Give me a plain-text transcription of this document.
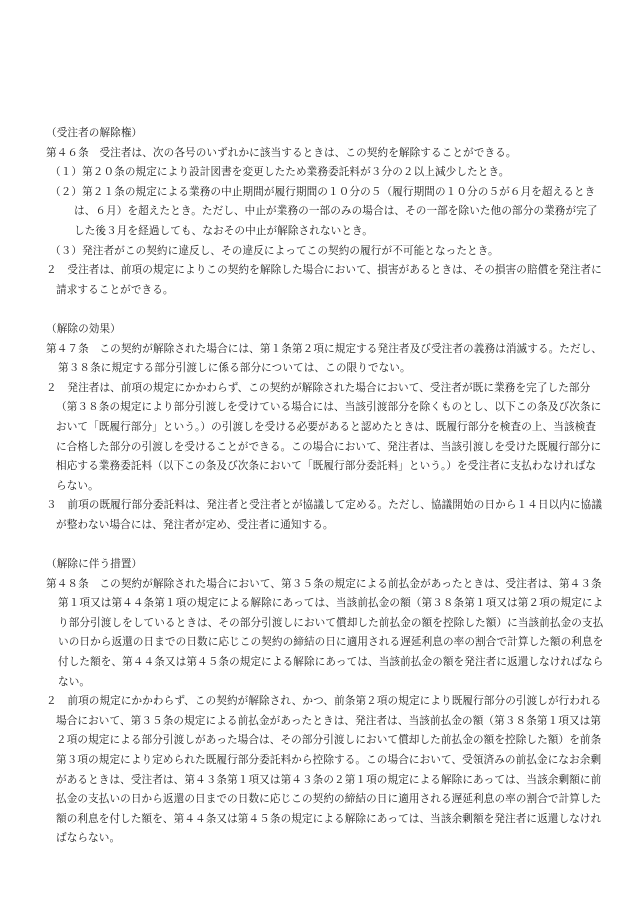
（受注者の解除権）

第４６条　受注者は、次の各号のいずれかに該当するときは、この契約を解除することができる。

（１）第２０条の規定により設計図書を変更したため業務委託料が３分の２以上減少したとき。

（２）第２１条の規定による業務の中止期間が履行期間の１０分の５（履行期間の１０分の５が６月を超えるときは、６月）を超えたとき。ただし、中止が業務の一部のみの場合は、その一部を除いた他の部分の業務が完了した後３月を経過しても、なおその中止が解除されないとき。

（３）発注者がこの契約に違反し、その違反によってこの契約の履行が不可能となったとき。

２　受注者は、前項の規定によりこの契約を解除した場合において、損害があるときは、その損害の賠償を発注者に請求することができる。

（解除の効果）

第４７条　この契約が解除された場合には、第１条第２項に規定する発注者及び受注者の義務は消滅する。ただし、第３８条に規定する部分引渡しに係る部分については、この限りでない。

２　発注者は、前項の規定にかかわらず、この契約が解除された場合において、受注者が既に業務を完了した部分（第３８条の規定により部分引渡しを受けている場合には、当該引渡部分を除くものとし、以下この条及び次条において「既履行部分」という。）の引渡しを受ける必要があると認めたときは、既履行部分を検査の上、当該検査に合格した部分の引渡しを受けることができる。この場合において、発注者は、当該引渡しを受けた既履行部分に相応する業務委託料（以下この条及び次条において「既履行部分委託料」という。）を受注者に支払わなければならない。

３　前項の既履行部分委託料は、発注者と受注者とが協議して定める。ただし、協議開始の日から１４日以内に協議が整わない場合には、発注者が定め、受注者に通知する。

（解除に伴う措置）

第４８条　この契約が解除された場合において、第３５条の規定による前払金があったときは、受注者は、第４３条第１項又は第４４条第１項の規定による解除にあっては、当該前払金の額（第３８条第１項又は第２項の規定により部分引渡しをしているときは、その部分引渡しにおいて償却した前払金の額を控除した額）に当該前払金の支払いの日から返還の日までの日数に応じこの契約の締結の日に適用される遅延利息の率の割合で計算した額の利息を付した額を、第４４条又は第４５条の規定による解除にあっては、当該前払金の額を発注者に返還しなければならない。

２　前項の規定にかかわらず、この契約が解除され、かつ、前条第２項の規定により既履行部分の引渡しが行われる場合において、第３５条の規定による前払金があったときは、発注者は、当該前払金の額（第３８条第１項又は第２項の規定による部分引渡しがあった場合は、その部分引渡しにおいて償却した前払金の額を控除した額）を前条第３項の規定により定められた既履行部分委託料から控除する。この場合において、受領済みの前払金になお余剰があるときは、受注者は、第４３条第１項又は第４３条の２第１項の規定による解除にあっては、当該余剰額に前払金の支払いの日から返還の日までの日数に応じこの契約の締結の日に適用される遅延利息の率の割合で計算した額の利息を付した額を、第４４条又は第４５条の規定による解除にあっては、当該余剰額を発注者に返還しなければならない。
